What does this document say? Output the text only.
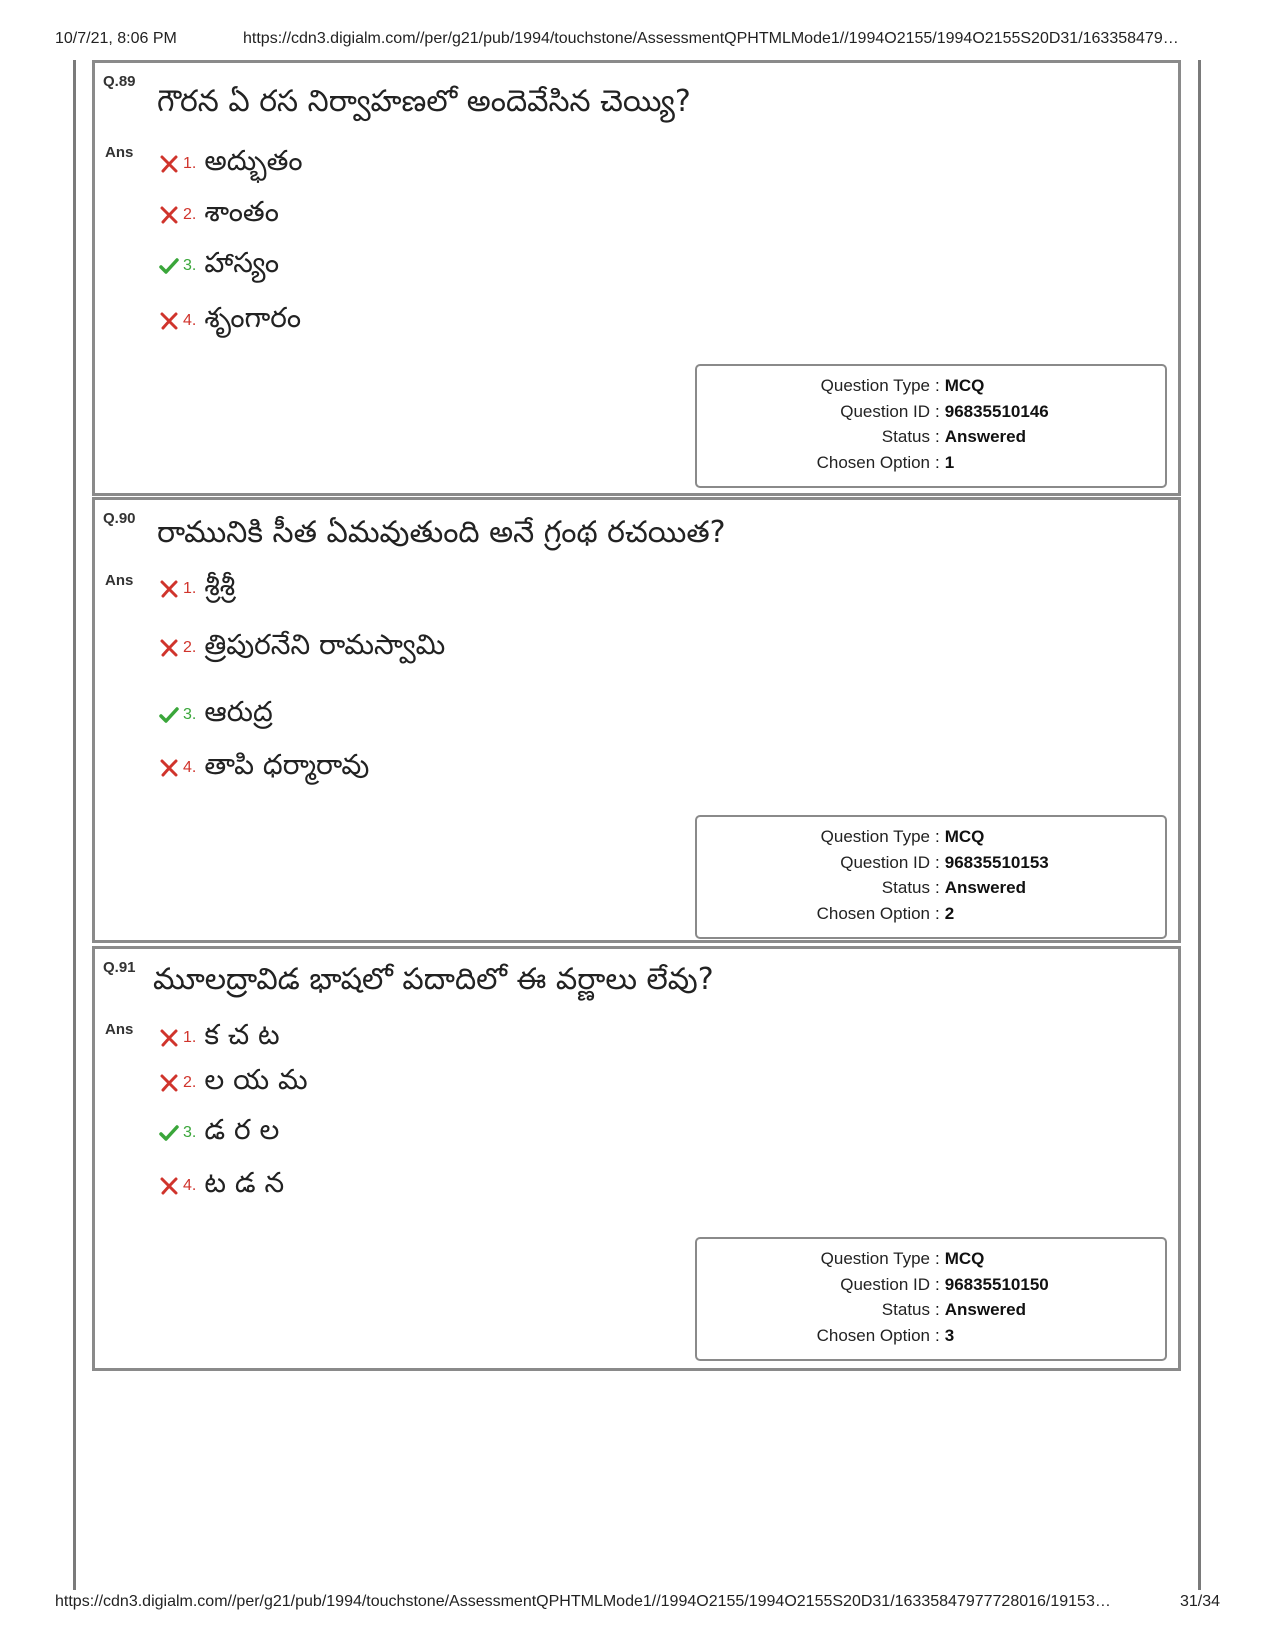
10/7/21, 8:06 PM	https://cdn3.digialm.com//per/g21/pub/1994/touchstone/AssessmentQPHTMLMode1//1994O2155/1994O2155S20D31/163358479…
Q.89
గౌరన ఏ రస నిర్వాహణలో అందెవేసిన చెయ్యి?
Ans
1. అద్భుతం
2. శాంతం
3. హాస్యం
4. శృంగారం
Question Type : MCQ
Question ID : 96835510146
Status : Answered
Chosen Option : 1
Q.90 రామునికి సీత ఏమవుతుంది అనే గ్రంథ రచయిత?
Ans	1. శ్రీశ్రీ
2. త్రిపురనేని రామస్వామి
3. ఆరుద్ర
4. తాపి ధర్మారావు
Question Type : MCQ
Question ID : 96835510153
Status : Answered
Chosen Option : 2
Q.91 మూలద్రావిడ భాషలో పదాదిలో ఈ వర్ణాలు లేవు?
Ans	1. క చ ట
2. ల య మ
3. డ ర ల
4. ట డ న
Question Type : MCQ
Question ID : 96835510150
Status : Answered
Chosen Option : 3
https://cdn3.digialm.com//per/g21/pub/1994/touchstone/AssessmentQPHTMLMode1//1994O2155/1994O2155S20D31/16335847977728016/19153…	31/34
